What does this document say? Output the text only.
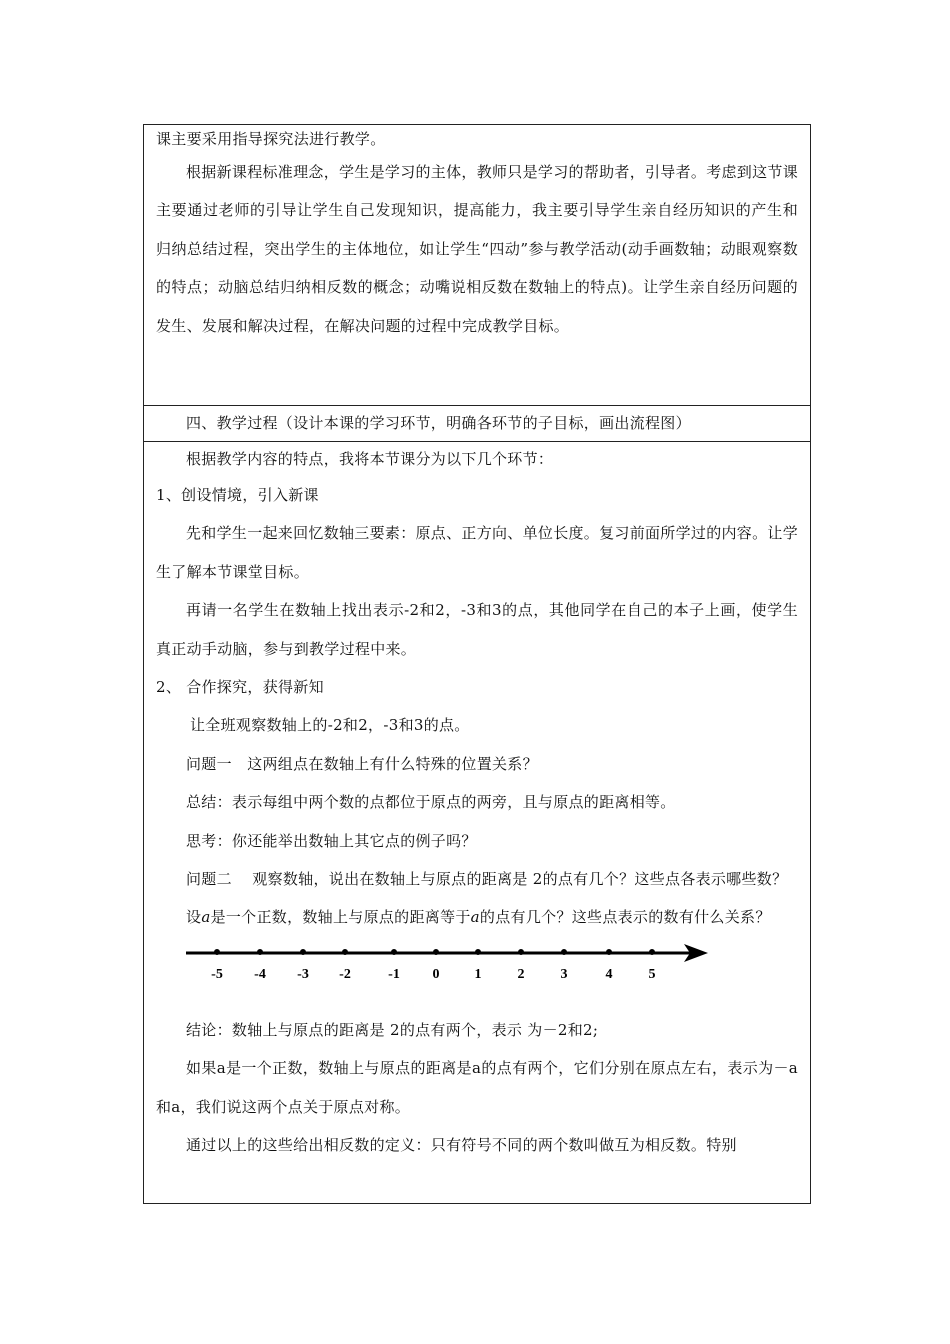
课主要采用指导探究法进行教学。

根据新课程标准理念，学生是学习的主体，教师只是学习的帮助者，引导者。考虑到这节课主要通过老师的引导让学生自己发现知识，提高能力，我主要引导学生亲自经历知识的产生和归纳总结过程，突出学生的主体地位，如让学生“四动”参与教学活动(动手画数轴；动眼观察数的特点；动脑总结归纳相反数的概念；动嘴说相反数在数轴上的特点)。让学生亲自经历问题的发生、发展和解决过程，在解决问题的过程中完成教学目标。

四、教学过程（设计本课的学习环节，明确各环节的子目标，画出流程图）

根据教学内容的特点，我将本节课分为以下几个环节：

1、创设情境，引入新课

先和学生一起来回忆数轴三要素：原点、正方向、单位长度。复习前面所学过的内容。让学生了解本节课堂目标。

再请一名学生在数轴上找出表示-2和2，-3和3的点，其他同学在自己的本子上画，使学生真正动手动脑，参与到教学过程中来。

2、 合作探究，获得新知

让全班观察数轴上的-2和2，-3和3的点。

问题一　这两组点在数轴上有什么特殊的位置关系？

总结：表示每组中两个数的点都位于原点的两旁，且与原点的距离相等。

思考：你还能举出数轴上其它点的例子吗？

问题二　 观察数轴，说出在数轴上与原点的距离是 2的点有几个？这些点各表示哪些数？

设a是一个正数，数轴上与原点的距离等于a的点有几个？这些点表示的数有什么关系？

-5 -4 -3 -2	-1 0	1	2	3	4	5

结论：数轴上与原点的距离是 2的点有两个，表示 为－2和2;

如果a是一个正数，数轴上与原点的距离是a的点有两个，它们分别在原点左右，表示为－a和a，我们说这两个点关于原点对称。

通过以上的这些给出相反数的定义：只有符号不同的两个数叫做互为相反数。特别
